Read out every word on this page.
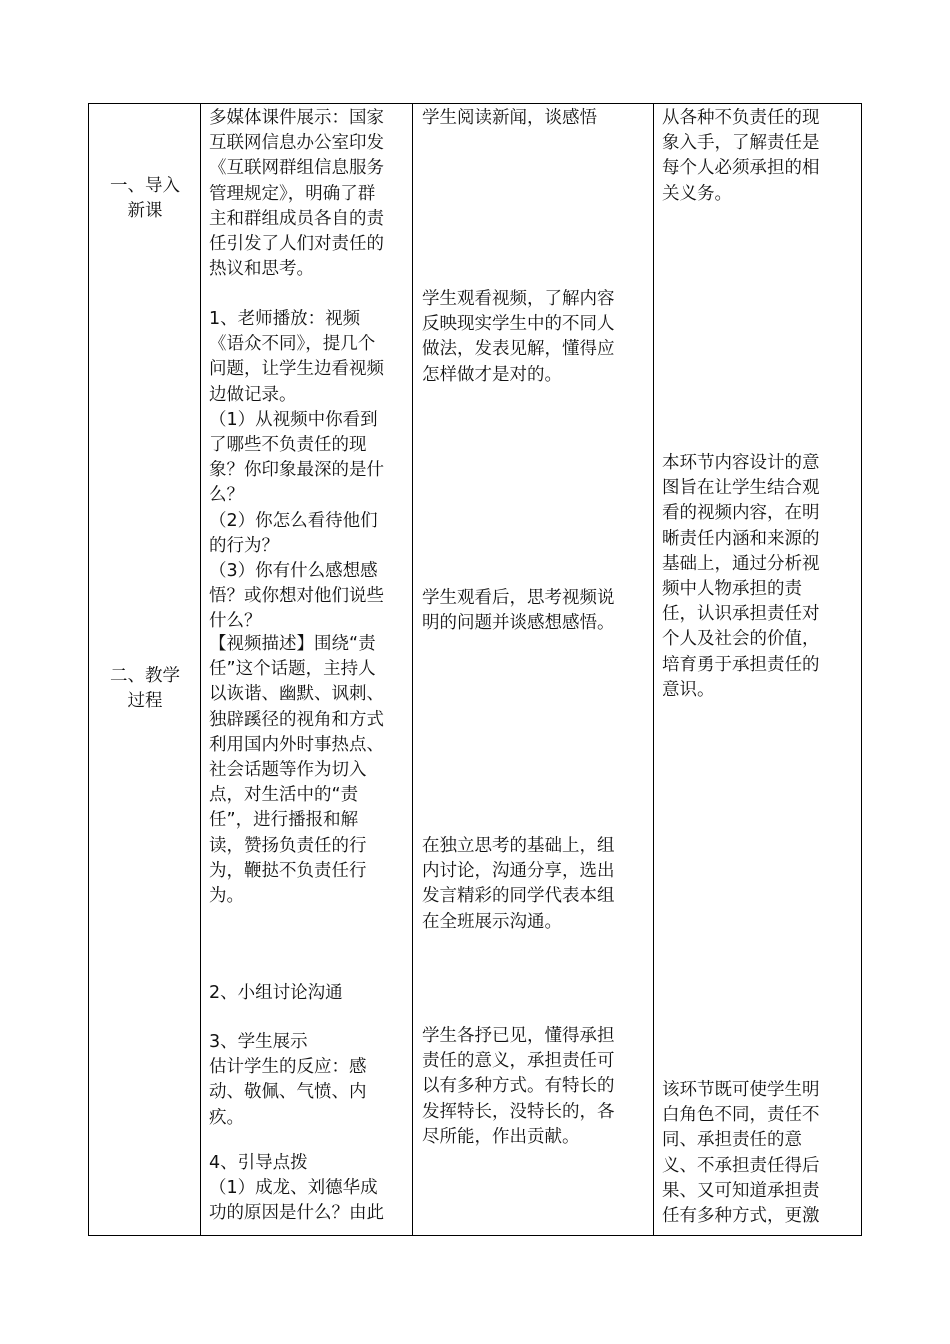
一、导入
新课
二、教学
过程

多媒体课件展示：国家
互联网信息办公室印发
《互联网群组信息服务
管理规定》，明确了群
主和群组成员各自的责
任引发了人们对责任的
热议和思考。

1、老师播放：视频
《语众不同》，提几个
问题，让学生边看视频
边做记录。
（1）从视频中你看到
了哪些不负责任的现
象？你印象最深的是什
么？
（2）你怎么看待他们
的行为？
（3）你有什么感想感
悟？或你想对他们说些
什么？

【视频描述】围绕“责
任”这个话题，主持人
以诙谐、幽默、讽刺、
独辟蹊径的视角和方式
利用国内外时事热点、
社会话题等作为切入
点，对生活中的“责
任”，进行播报和解
读，赞扬负责任的行
为，鞭挞不负责任行
为。

2、小组讨论沟通

3、学生展示
估计学生的反应：感
动、敬佩、气愤、内
疚。

4、引导点拨
（1）成龙、刘德华成
功的原因是什么？由此

学生阅读新闻，谈感悟

学生观看视频，了解内容
反映现实学生中的不同人
做法，发表见解，懂得应
怎样做才是对的。

学生观看后，思考视频说
明的问题并谈感想感悟。

在独立思考的基础上，组
内讨论，沟通分享，选出
发言精彩的同学代表本组
在全班展示沟通。

学生各抒已见，懂得承担
责任的意义，承担责任可
以有多种方式。有特长的
发挥特长，没特长的，各
尽所能，作出贡献。

从各种不负责任的现
象入手，了解责任是
每个人必须承担的相
关义务。

本环节内容设计的意
图旨在让学生结合观
看的视频内容，在明
晰责任内涵和来源的
基础上，通过分析视
频中人物承担的责
任，认识承担责任对
个人及社会的价值，
培育勇于承担责任的
意识。

该环节既可使学生明
白角色不同，责任不
同、承担责任的意
义、不承担责任得后
果、又可知道承担责
任有多种方式，更激
